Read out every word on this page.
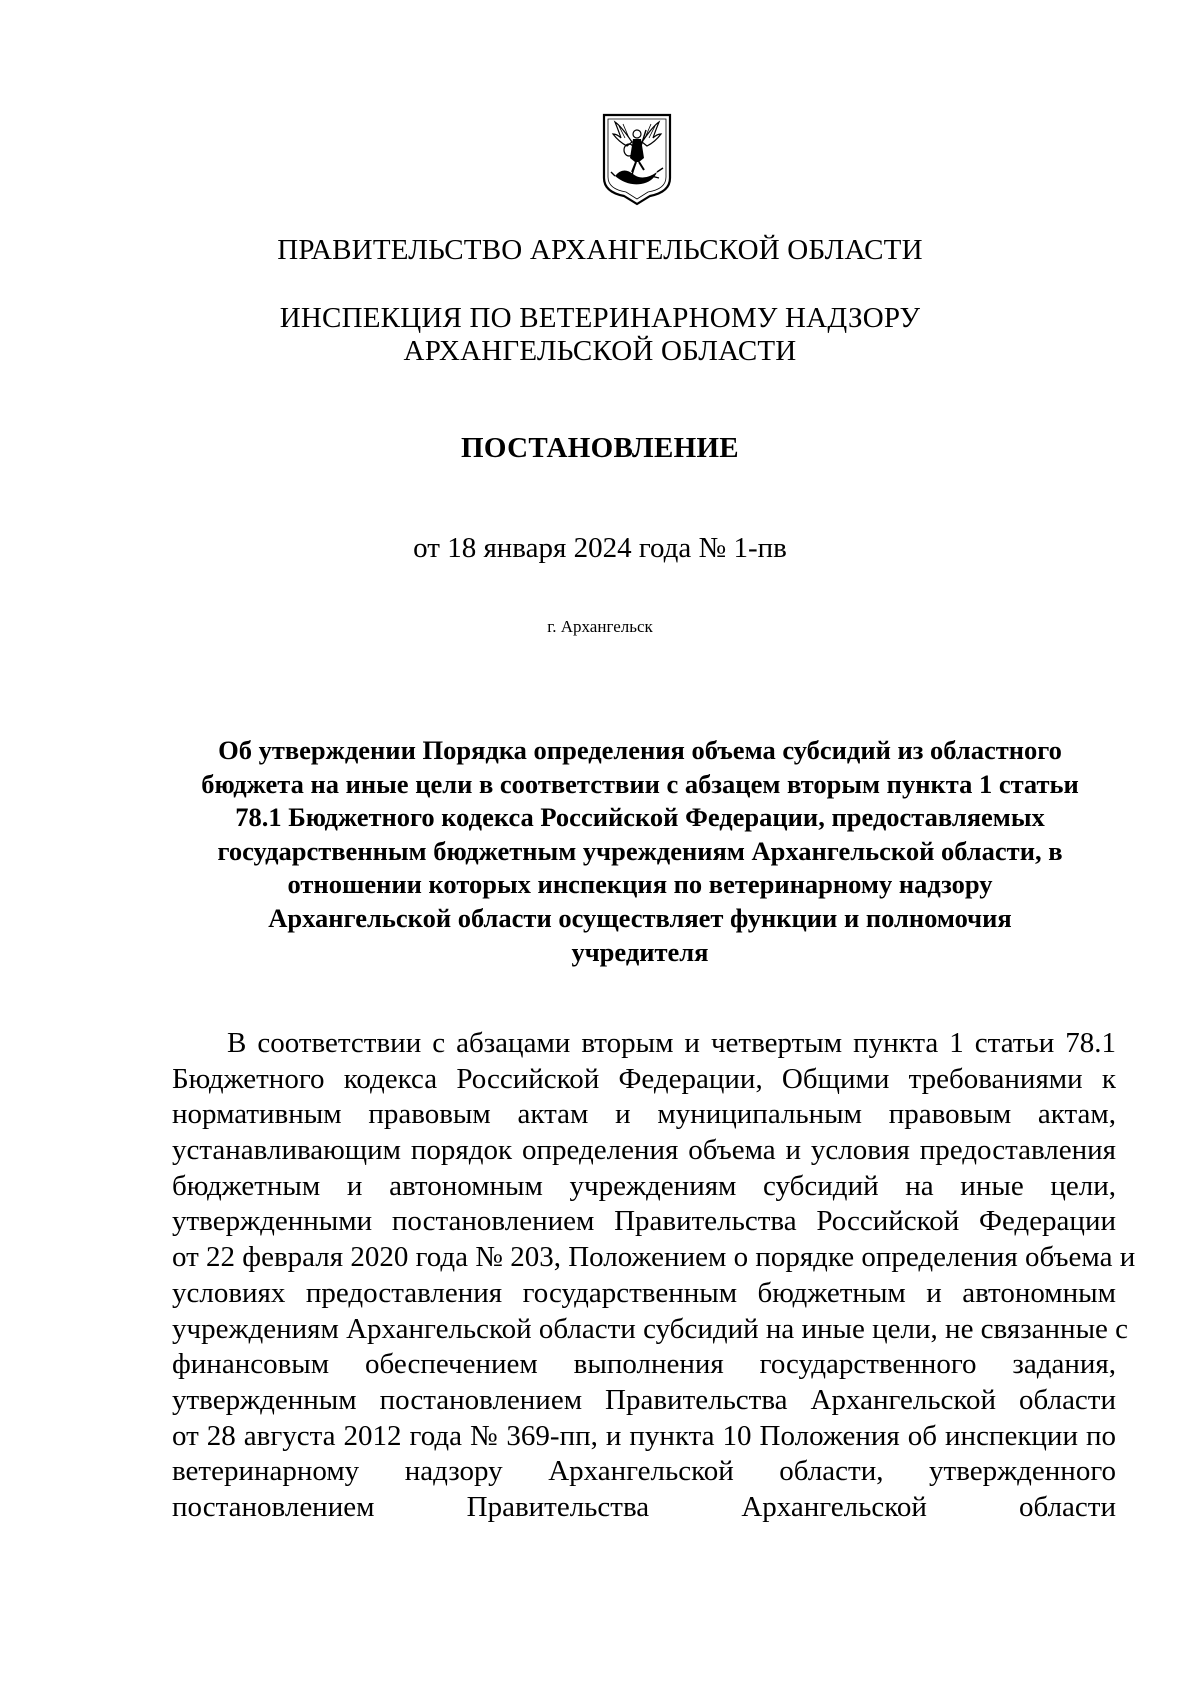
ПРАВИТЕЛЬСТВО АРХАНГЕЛЬСКОЙ ОБЛАСТИ
ИНСПЕКЦИЯ ПО ВЕТЕРИНАРНОМУ НАДЗОРУ
АРХАНГЕЛЬСКОЙ ОБЛАСТИ
ПОСТАНОВЛЕНИЕ
от 18 января 2024 года № 1-пв
г. Архангельск
Об утверждении Порядка определения объема субсидий из областного
бюджета на иные цели в соответствии с абзацем вторым пункта 1 статьи
78.1 Бюджетного кодекса Российской Федерации, предоставляемых
государственным бюджетным учреждениям Архангельской области, в
отношении которых инспекция по ветеринарному надзору
Архангельской области осуществляет функции и полномочия
учредителя
В соответствии с абзацами вторым и четвертым пункта 1 статьи 78.1
Бюджетного кодекса Российской Федерации, Общими требованиями к
нормативным правовым актам и муниципальным правовым актам,
устанавливающим порядок определения объема и условия предоставления
бюджетным и автономным учреждениям субсидий на иные цели,
утвержденными постановлением Правительства Российской Федерации
от 22 февраля 2020 года № 203, Положением о порядке определения объема и
условиях предоставления государственным бюджетным и автономным
учреждениям Архангельской области субсидий на иные цели, не связанные с
финансовым обеспечением выполнения государственного задания,
утвержденным постановлением Правительства Архангельской области
от 28 августа 2012 года № 369-пп, и пункта 10 Положения об инспекции по
ветеринарному надзору Архангельской области, утвержденного
постановлением Правительства Архангельской области
